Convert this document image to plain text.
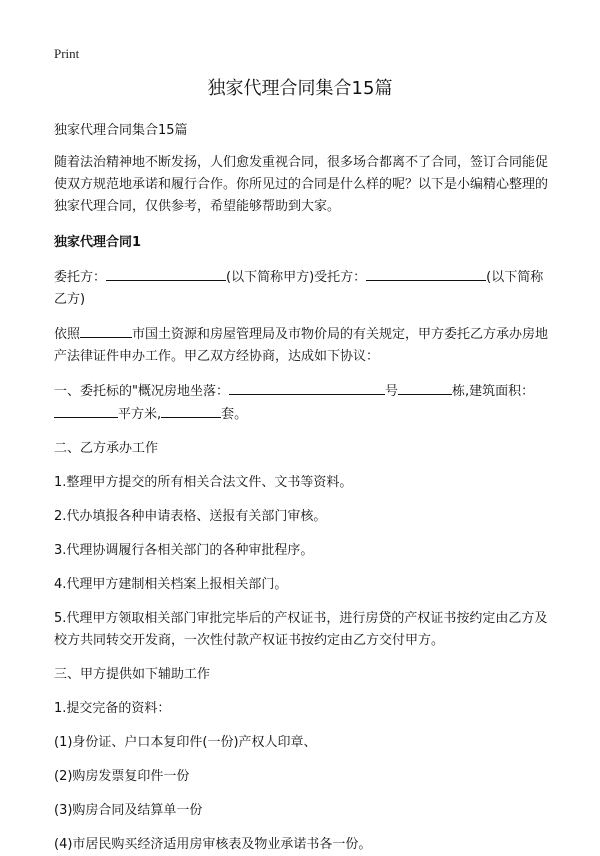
Print
独家代理合同集合15篇

独家代理合同集合15篇

随着法治精神地不断发扬，人们愈发重视合同，很多场合都离不了合同，签订合同能促使双方规范地承诺和履行合作。你所见过的合同是什么样的呢？以下是小编精心整理的独家代理合同，仅供参考，希望能够帮助到大家。

独家代理合同1

委托方：	(以下简称甲方)受托方：	(以下简称乙方)

依照	市国土资源和房屋管理局及市物价局的有关规定，甲方委托乙方承办房地产法律证件申办工作。甲乙双方经协商，达成如下协议：

一、委托标的"概况房地坐落：	号	栋,建筑面积：平方米,	套。

二、乙方承办工作

1.整理甲方提交的所有相关合法文件、文书等资料。

2.代办填报各种申请表格、送报有关部门审核。

3.代理协调履行各相关部门的各种审批程序。

4.代理甲方建制相关档案上报相关部门。

5.代理甲方领取相关部门审批完毕后的产权证书，进行房贷的产权证书按约定由乙方及校方共同转交开发商，一次性付款产权证书按约定由乙方交付甲方。

三、甲方提供如下辅助工作

1.提交完备的资料：

(1)身份证、户口本复印件(一份)产权人印章、

(2)购房发票复印件一份

(3)购房合同及结算单一份

(4)市居民购买经济适用房审核表及物业承诺书各一份。
